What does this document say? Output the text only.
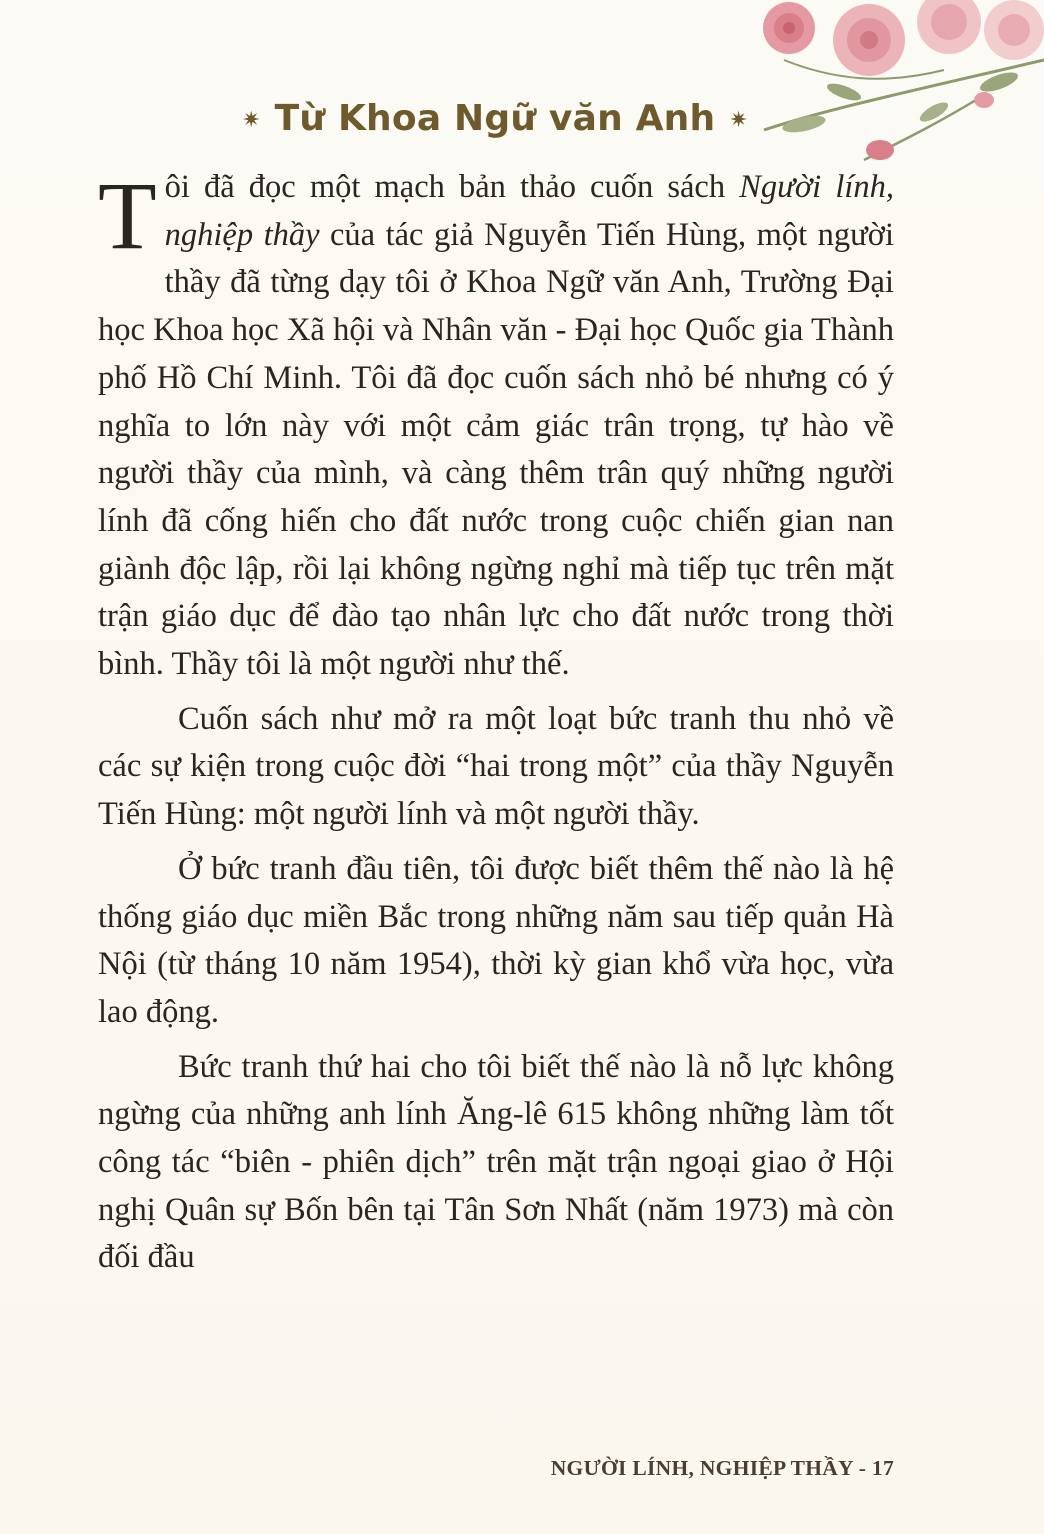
✷ Từ Khoa Ngữ văn Anh ✷

Tôi đã đọc một mạch bản thảo cuốn sách Người lính, nghiệp thầy của tác giả Nguyễn Tiến Hùng, một người thầy đã từng dạy tôi ở Khoa Ngữ văn Anh, Trường Đại học Khoa học Xã hội và Nhân văn - Đại học Quốc gia Thành phố Hồ Chí Minh. Tôi đã đọc cuốn sách nhỏ bé nhưng có ý nghĩa to lớn này với một cảm giác trân trọng, tự hào về người thầy của mình, và càng thêm trân quý những người lính đã cống hiến cho đất nước trong cuộc chiến gian nan giành độc lập, rồi lại không ngừng nghỉ mà tiếp tục trên mặt trận giáo dục để đào tạo nhân lực cho đất nước trong thời bình. Thầy tôi là một người như thế.

Cuốn sách như mở ra một loạt bức tranh thu nhỏ về các sự kiện trong cuộc đời “hai trong một” của thầy Nguyễn Tiến Hùng: một người lính và một người thầy.

Ở bức tranh đầu tiên, tôi được biết thêm thế nào là hệ thống giáo dục miền Bắc trong những năm sau tiếp quản Hà Nội (từ tháng 10 năm 1954), thời kỳ gian khổ vừa học, vừa lao động.

Bức tranh thứ hai cho tôi biết thế nào là nỗ lực không ngừng của những anh lính Ăng-lê 615 không những làm tốt công tác “biên - phiên dịch” trên mặt trận ngoại giao ở Hội nghị Quân sự Bốn bên tại Tân Sơn Nhất (năm 1973) mà còn đối đầu

NGƯỜI LÍNH, NGHIỆP THẦY - 17
